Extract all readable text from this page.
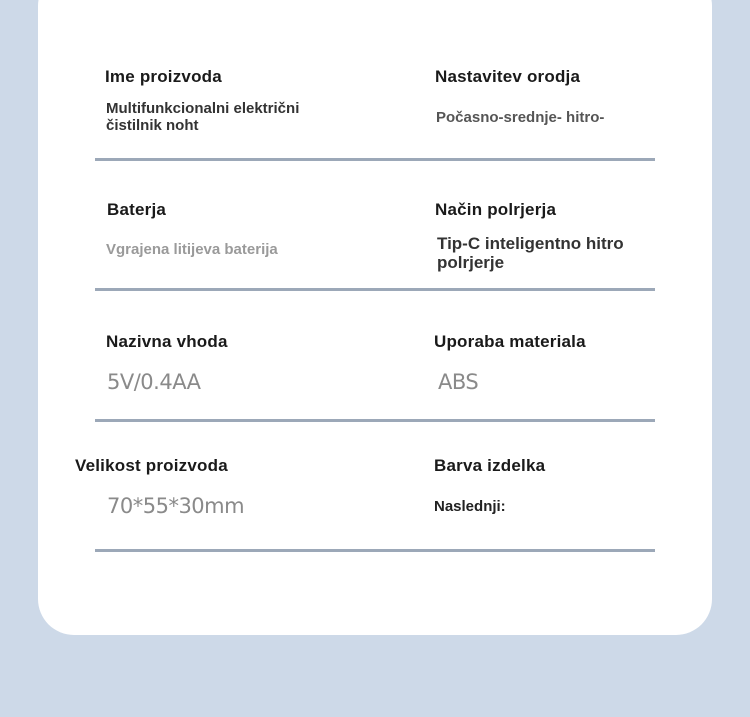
Ime proizvoda
Multifunkcionalni električni
čistilnik noht
Nastavitev orodja
Počasno-srednje- hitro-
Baterja
Vgrajena litijeva baterija
Način polrjerja
Tip-C inteligentno hitro
polrjerje
Nazivna vhoda
5V/0.4AA
Uporaba materiala
ABS
Velikost proizvoda
70*55*30mm
Barva izdelka
Naslednji:
